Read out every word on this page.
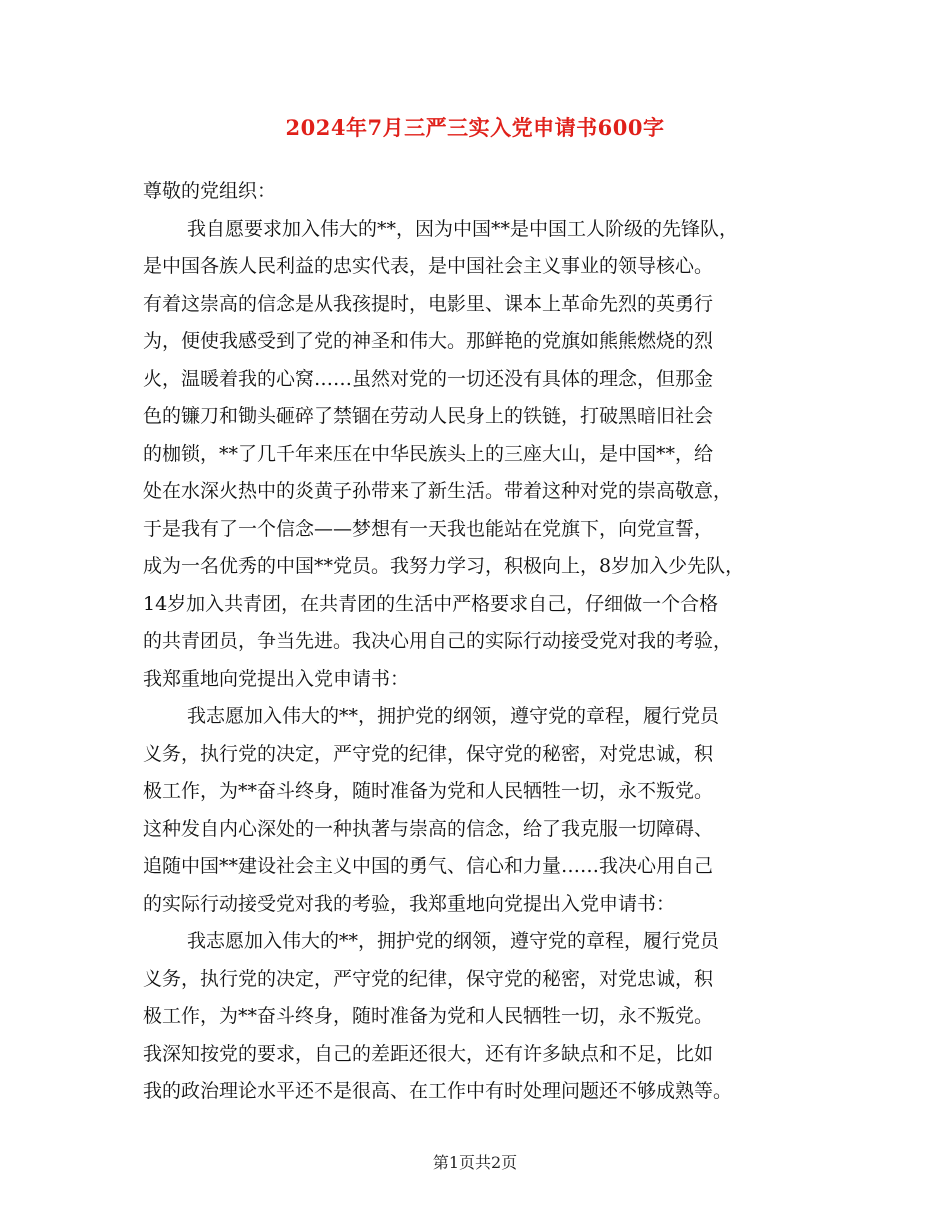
2024年7月三严三实入党申请书600字
尊敬的党组织：
我自愿要求加入伟大的**，因为中国**是中国工人阶级的先锋队，
是中国各族人民利益的忠实代表，是中国社会主义事业的领导核心。
有着这崇高的信念是从我孩提时，电影里、课本上革命先烈的英勇行
为，便使我感受到了党的神圣和伟大。那鲜艳的党旗如熊熊燃烧的烈
火，温暖着我的心窝……虽然对党的一切还没有具体的理念，但那金
色的镰刀和锄头砸碎了禁锢在劳动人民身上的铁链，打破黑暗旧社会
的枷锁，**了几千年来压在中华民族头上的三座大山，是中国**，给
处在水深火热中的炎黄子孙带来了新生活。带着这种对党的崇高敬意，
于是我有了一个信念——梦想有一天我也能站在党旗下，向党宣誓，
成为一名优秀的中国**党员。我努力学习，积极向上，8岁加入少先队，
14岁加入共青团，在共青团的生活中严格要求自己，仔细做一个合格
的共青团员，争当先进。我决心用自己的实际行动接受党对我的考验，
我郑重地向党提出入党申请书：
我志愿加入伟大的**，拥护党的纲领，遵守党的章程，履行党员
义务，执行党的决定，严守党的纪律，保守党的秘密，对党忠诚，积
极工作，为**奋斗终身，随时准备为党和人民牺牲一切，永不叛党。
这种发自内心深处的一种执著与崇高的信念，给了我克服一切障碍、
追随中国**建设社会主义中国的勇气、信心和力量……我决心用自己
的实际行动接受党对我的考验，我郑重地向党提出入党申请书：
我志愿加入伟大的**，拥护党的纲领，遵守党的章程，履行党员
义务，执行党的决定，严守党的纪律，保守党的秘密，对党忠诚，积
极工作，为**奋斗终身，随时准备为党和人民牺牲一切，永不叛党。
我深知按党的要求，自己的差距还很大，还有许多缺点和不足，比如
我的政治理论水平还不是很高、在工作中有时处理问题还不够成熟等。
第1页共2页
